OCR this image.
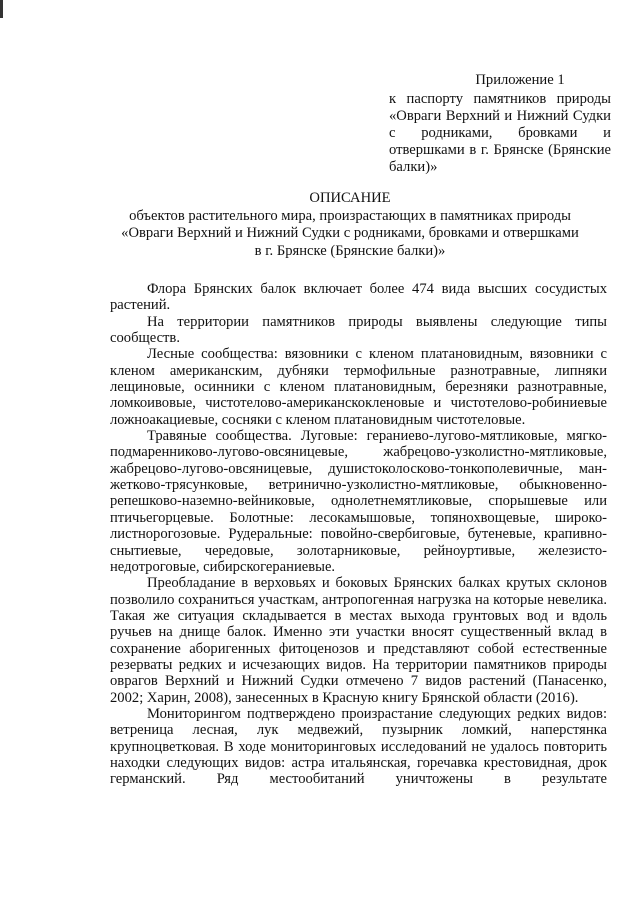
Приложение 1
к паспорту памятников природы «Овраги Верхний и Нижний Судки с родниками, бровками и отвершками в г. Брянске (Брянские балки)»
ОПИСАНИЕ
объектов растительного мира, произрастающих в памятниках природы
«Овраги Верхний и Нижний Судки с родниками, бровками и отвершками
в г. Брянске (Брянские балки)»

Флора Брянских балок включает более 474 вида высших сосудистых растений.

На территории памятников природы выявлены следующие типы сообществ.

Лесные сообщества: вязовники с кленом платановидным, вязовники с кленом американским, дубняки термофильные разнотравные, липняки лещиновые, осинники с кленом платановидным, березняки разнотравные, ломкоивовые, чистотелово-американскокленовые и чистотелово-робиниевые ложноакациевые, сосняки с кленом платановидным чистотеловые.

Травяные сообщества. Луговые: гераниево-лугово-мятликовые, мягко-подмаренниково-лугово-овсяницевые, жабрецово-узколистно-мятликовые, жабрецово-лугово-овсяницевые, душистоколосково-тонкополевичные, ман-жетково-трясунковые, ветринично-узколистно-мятликовые, обыкновенно-репешково-наземно-вейниковые, однолетнемятликовые, спорышевые или птичьегорцевые. Болотные: лесокамышовые, топянохвощевые, широко-листнорогозовые. Рудеральные: повойно-свербиговые, бутеневые, крапивно-снытиевые, чередовые, золотарниковые, рейноуртивые, железисто-недотроговые, сибирскогераниевые.

Преобладание в верховьях и боковых Брянских балках крутых склонов позволило сохраниться участкам, антропогенная нагрузка на которые невелика. Такая же ситуация складывается в местах выхода грунтовых вод и вдоль ручьев на днище балок. Именно эти участки вносят существенный вклад в сохранение аборигенных фитоценозов и представляют собой естественные резерваты редких и исчезающих видов. На территории памятников природы оврагов Верхний и Нижний Судки отмечено 7 видов растений (Панасенко, 2002; Харин, 2008), занесенных в Красную книгу Брянской области (2016).

Мониторингом подтверждено произрастание следующих редких видов: ветреница лесная, лук медвежий, пузырник ломкий, наперстянка крупноцветковая. В ходе мониторинговых исследований не удалось повторить находки следующих видов: астра итальянская, горечавка крестовидная, дрок германский. Ряд местообитаний уничтожены в результате
